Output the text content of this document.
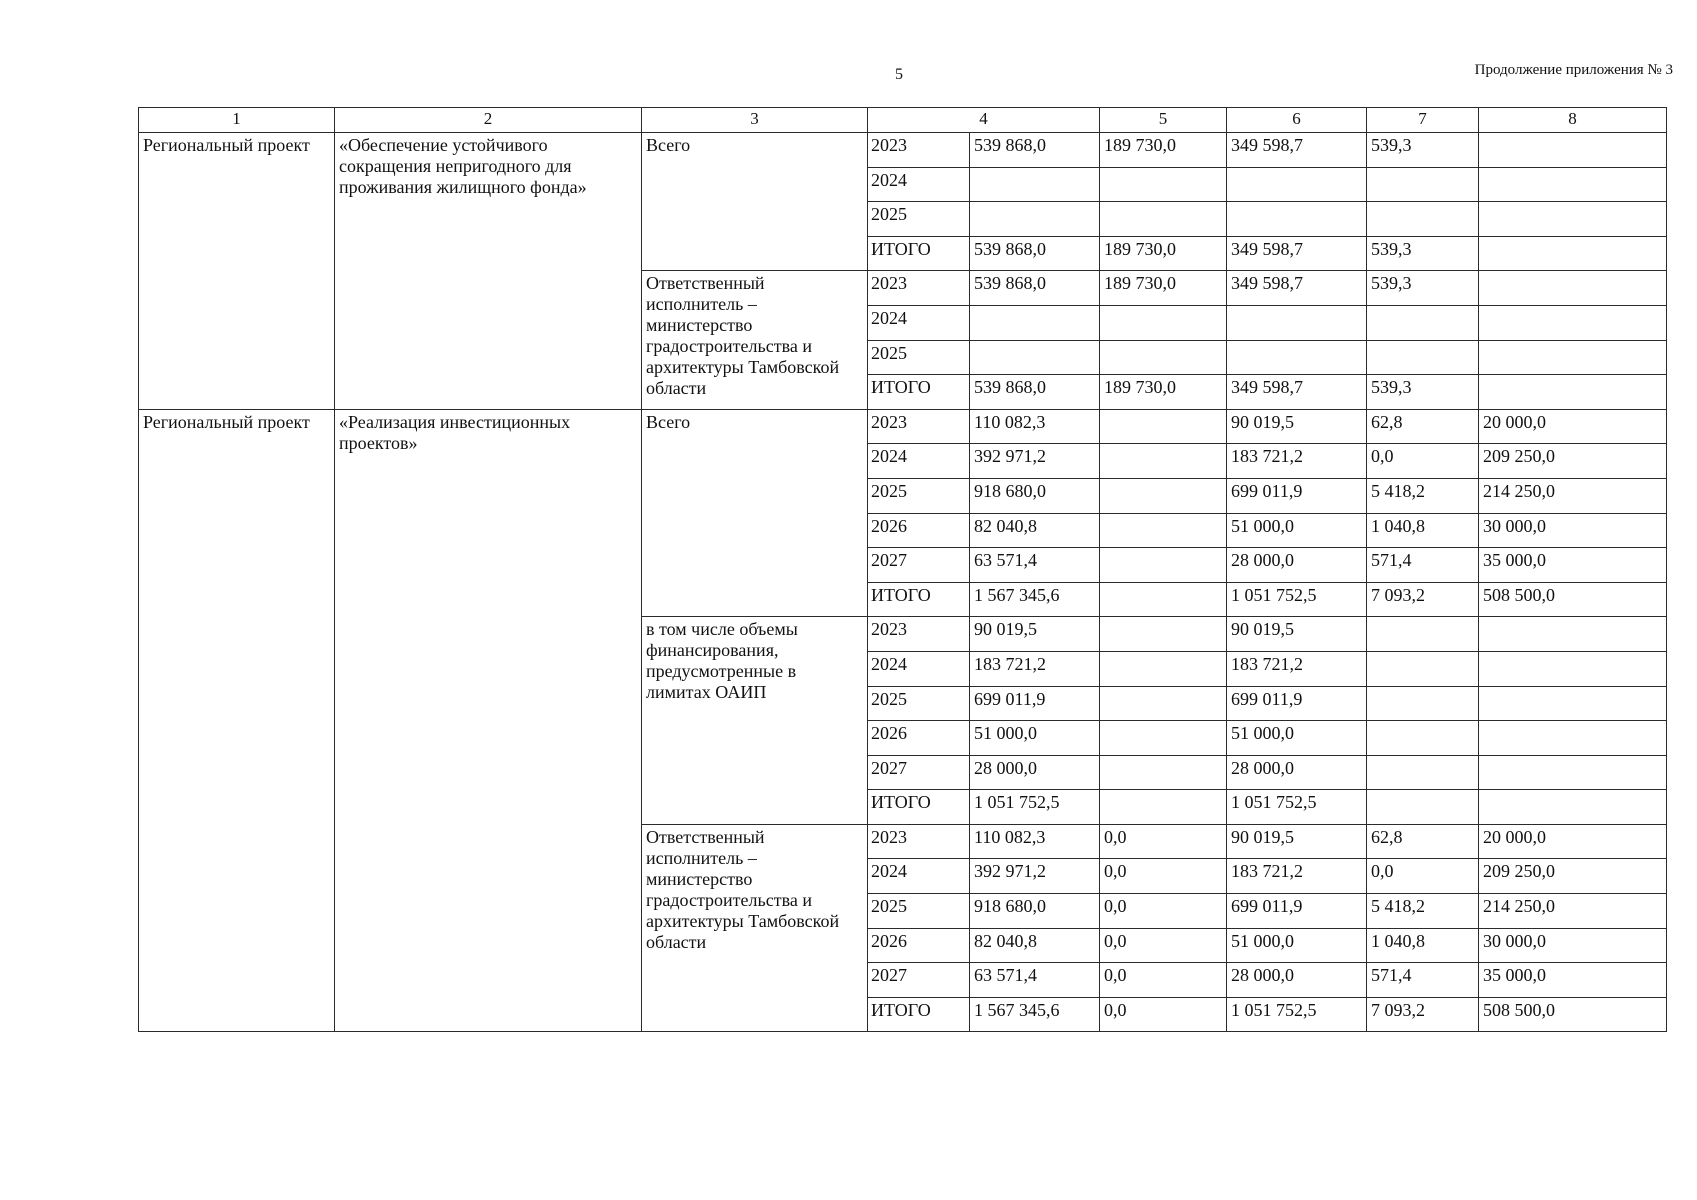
5	Продолжение приложения № 3
1	2	3	4		5	6	7	8
Региональный проект	«Обеспечение устойчивого сокращения непригодного для проживания жилищного фонда»	Всего	2023	539 868,0	189 730,0	349 598,7	539,3	
			2024					
			2025					
			ИТОГО	539 868,0	189 730,0	349 598,7	539,3	
		Ответственный исполнитель – министерство градостроительства и архитектуры Тамбовской области	2023	539 868,0	189 730,0	349 598,7	539,3	
			2024					
			2025					
			ИТОГО	539 868,0	189 730,0	349 598,7	539,3	
Региональный проект	«Реализация инвестиционных проектов»	Всего	2023	110 082,3		90 019,5	62,8	20 000,0
			2024	392 971,2		183 721,2	0,0	209 250,0
			2025	918 680,0		699 011,9	5 418,2	214 250,0
			2026	82 040,8		51 000,0	1 040,8	30 000,0
			2027	63 571,4		28 000,0	571,4	35 000,0
			ИТОГО	1 567 345,6		1 051 752,5	7 093,2	508 500,0
		в том числе объемы финансирования, предусмотренные в лимитах ОАИП	2023	90 019,5		90 019,5		
			2024	183 721,2		183 721,2		
			2025	699 011,9		699 011,9		
			2026	51 000,0		51 000,0		
			2027	28 000,0		28 000,0		
			ИТОГО	1 051 752,5		1 051 752,5		
		Ответственный исполнитель – министерство градостроительства и архитектуры Тамбовской области	2023	110 082,3	0,0	90 019,5	62,8	20 000,0
			2024	392 971,2	0,0	183 721,2	0,0	209 250,0
			2025	918 680,0	0,0	699 011,9	5 418,2	214 250,0
			2026	82 040,8	0,0	51 000,0	1 040,8	30 000,0
			2027	63 571,4	0,0	28 000,0	571,4	35 000,0
			ИТОГО	1 567 345,6	0,0	1 051 752,5	7 093,2	508 500,0
